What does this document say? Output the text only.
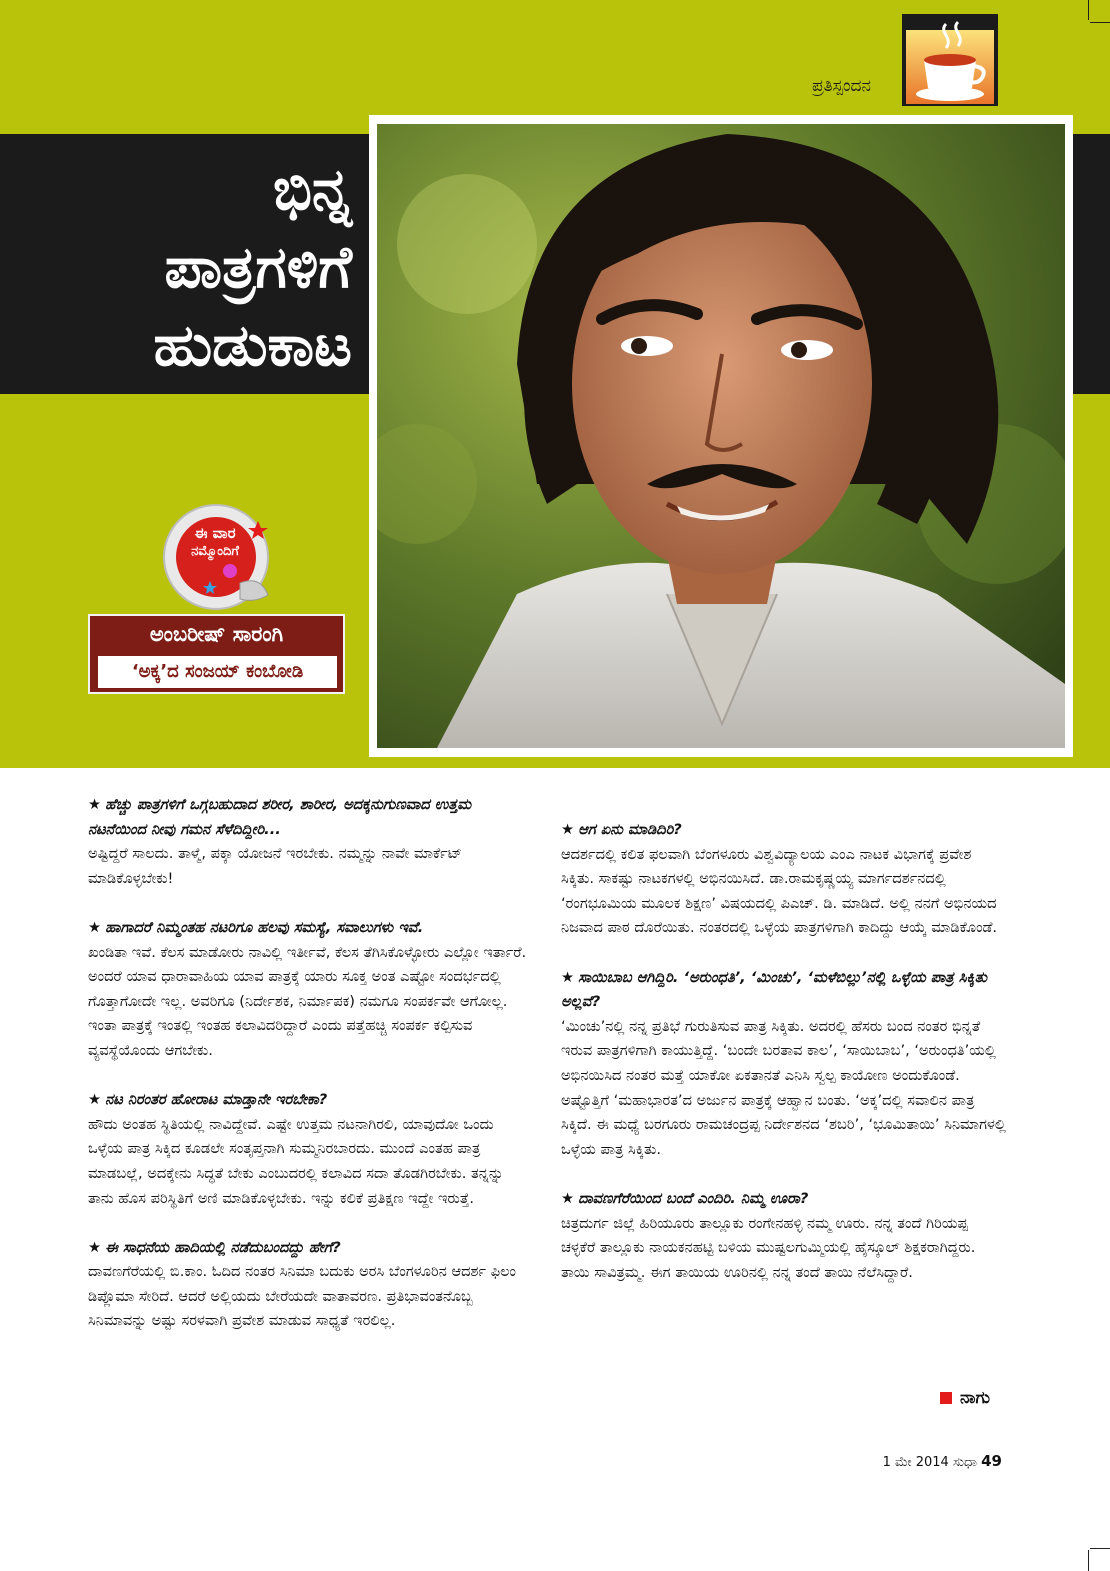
ಪ್ರತಿಸ್ಪಂದನ
ಭಿನ್ನ
ಪಾತ್ರಗಳಿಗೆ
ಹುಡುಕಾಟ
ಈ ವಾರ
ನಮ್ಮೊಂದಿಗೆ
ಅಂಬರೀಷ್ ಸಾರಂಗಿ
‘ಅಕ್ಕ’ದ ಸಂಜಯ್ ಕಂಬೋಡಿ

★ ಹೆಚ್ಚು ಪಾತ್ರಗಳಿಗೆ ಒಗ್ಗಬಹುದಾದ ಶರೀರ, ಶಾರೀರ, ಅದಕ್ಕನುಗುಣವಾದ ಉತ್ತಮ ನಟನೆಯಿಂದ ನೀವು ಗಮನ ಸೆಳೆದಿದ್ದೀರಿ...

ಅಷ್ಟಿದ್ದರೆ ಸಾಲದು. ತಾಳ್ಮೆ, ಪಕ್ಕಾ ಯೋಜನೆ ಇರಬೇಕು. ನಮ್ಮನ್ನು ನಾವೇ ಮಾರ್ಕೆಟ್ ಮಾಡಿಕೊಳ್ಳಬೇಕು!

★ ಹಾಗಾದರೆ ನಿಮ್ಮಂತಹ ನಟರಿಗೂ ಹಲವು ಸಮಸ್ಯೆ, ಸವಾಲುಗಳು ಇವೆ.

ಖಂಡಿತಾ ಇವೆ. ಕೆಲಸ ಮಾಡೋರು ನಾವಿಲ್ಲಿ ಇರ್ತೀವೆ, ಕೆಲಸ ತೆಗಿಸಿಕೊಳ್ಳೋರು ಎಲ್ಲೋ ಇರ್ತಾರೆ. ಅಂದರೆ ಯಾವ ಧಾರಾವಾಹಿಯ ಯಾವ ಪಾತ್ರಕ್ಕೆ ಯಾರು ಸೂಕ್ತ ಅಂತ ಎಷ್ಟೋ ಸಂದರ್ಭದಲ್ಲಿ ಗೊತ್ತಾಗೋದೇ ಇಲ್ಲ. ಅವರಿಗೂ (ನಿರ್ದೇಶಕ, ನಿರ್ಮಾಪಕ) ನಮಗೂ ಸಂಪರ್ಕವೇ ಆಗೋಲ್ಲ. ಇಂತಾ ಪಾತ್ರಕ್ಕೆ ಇಂತಲ್ಲಿ ಇಂತಹ ಕಲಾವಿದರಿದ್ದಾರೆ ಎಂದು ಪತ್ತೆಹಚ್ಚಿ ಸಂಪರ್ಕ ಕಲ್ಪಿಸುವ ವ್ಯವಸ್ಥೆಯೊಂದು ಆಗಬೇಕು.

★ ನಟ ನಿರಂತರ ಹೋರಾಟ ಮಾಡ್ತಾನೇ ಇರಬೇಕಾ?

ಹೌದು ಅಂತಹ ಸ್ಥಿತಿಯಲ್ಲಿ ನಾವಿದ್ದೇವೆ. ಎಷ್ಟೇ ಉತ್ತಮ ನಟನಾಗಿರಲಿ, ಯಾವುದೋ ಒಂದು ಒಳ್ಳೆಯ ಪಾತ್ರ ಸಿಕ್ಕಿದ ಕೂಡಲೇ ಸಂತೃಪ್ತನಾಗಿ ಸುಮ್ಮನಿರಬಾರದು. ಮುಂದೆ ಎಂತಹ ಪಾತ್ರ ಮಾಡಬಲ್ಲೆ, ಅದಕ್ಕೇನು ಸಿದ್ಧತೆ ಬೇಕು ಎಂಬುದರಲ್ಲಿ ಕಲಾವಿದ ಸದಾ ತೊಡಗಿರಬೇಕು. ತನ್ನನ್ನು ತಾನು ಹೊಸ ಪರಿಸ್ಥಿತಿಗೆ ಅಣಿ ಮಾಡಿಕೊಳ್ಳಬೇಕು. ಇನ್ನು ಕಲಿಕೆ ಪ್ರತಿಕ್ಷಣ ಇದ್ದೇ ಇರುತ್ತೆ.

★ ಈ ಸಾಧನೆಯ ಹಾದಿಯಲ್ಲಿ ನಡೆದುಬಂದದ್ದು ಹೇಗೆ?

ದಾವಣಗೆರೆಯಲ್ಲಿ ಬಿ.ಕಾಂ. ಓದಿದ ನಂತರ ಸಿನಿಮಾ ಬದುಕು ಅರಸಿ ಬೆಂಗಳೂರಿನ ಆದರ್ಶ ಫಿಲಂ ಡಿಪ್ಲೊಮಾ ಸೇರಿದೆ. ಆದರೆ ಅಲ್ಲಿಯದು ಬೇರೆಯದೇ ವಾತಾವರಣ. ಪ್ರತಿಭಾವಂತನೊಬ್ಬ ಸಿನಿಮಾವನ್ನು ಅಷ್ಟು ಸರಳವಾಗಿ ಪ್ರವೇಶ ಮಾಡುವ ಸಾಧ್ಯತೆ ಇರಲಿಲ್ಲ.

★ ಆಗ ಏನು ಮಾಡಿದಿರಿ?

ಆದರ್ಶದಲ್ಲಿ ಕಲಿತ ಫಲವಾಗಿ ಬೆಂಗಳೂರು ವಿಶ್ವವಿದ್ಯಾಲಯ ಎಂಎ ನಾಟಕ ವಿಭಾಗಕ್ಕೆ ಪ್ರವೇಶ ಸಿಕ್ಕಿತು. ಸಾಕಷ್ಟು ನಾಟಕಗಳಲ್ಲಿ ಅಭಿನಯಿಸಿದೆ. ಡಾ.ರಾಮಕೃಷ್ಣಯ್ಯ ಮಾರ್ಗದರ್ಶನದಲ್ಲಿ ‘ರಂಗಭೂಮಿಯ ಮೂಲಕ ಶಿಕ್ಷಣ’ ವಿಷಯದಲ್ಲಿ ಪಿಎಚ್. ಡಿ. ಮಾಡಿದೆ. ಅಲ್ಲಿ ನನಗೆ ಅಭಿನಯದ ನಿಜವಾದ ಪಾಠ ದೊರೆಯಿತು. ನಂತರದಲ್ಲಿ ಒಳ್ಳೆಯ ಪಾತ್ರಗಳಿಗಾಗಿ ಕಾದಿದ್ದು ಆಯ್ಕೆ ಮಾಡಿಕೊಂಡೆ.

★ ಸಾಯಿಬಾಬ ಆಗಿದ್ದಿರಿ. ‘ಅರುಂಧತಿ’, ‘ಮಿಂಚು’, ‘ಮಳೆಬಿಲ್ಲು’ನಲ್ಲಿ ಒಳ್ಳೆಯ ಪಾತ್ರ ಸಿಕ್ಕಿತು ಅಲ್ಲವೆ?

‘ಮಿಂಚು’ನಲ್ಲಿ ನನ್ನ ಪ್ರತಿಭೆ ಗುರುತಿಸುವ ಪಾತ್ರ ಸಿಕ್ಕಿತು. ಅದರಲ್ಲಿ ಹೆಸರು ಬಂದ ನಂತರ ಭಿನ್ನತೆ ಇರುವ ಪಾತ್ರಗಳಿಗಾಗಿ ಕಾಯುತ್ತಿದ್ದೆ. ‘ಬಂದೇ ಬರತಾವ ಕಾಲ’, ‘ಸಾಯಿಬಾಬ’, ‘ಅರುಂಧತಿ’ಯಲ್ಲಿ ಅಭಿನಯಿಸಿದ ನಂತರ ಮತ್ತೆ ಯಾಕೋ ಏಕತಾನತೆ ಎನಿಸಿ ಸ್ವಲ್ಪ ಕಾಯೋಣ ಅಂದುಕೊಂಡೆ. ಅಷ್ಟೊತ್ತಿಗೆ ‘ಮಹಾಭಾರತ’ದ ಅರ್ಜುನ ಪಾತ್ರಕ್ಕೆ ಆಹ್ವಾನ ಬಂತು. ‘ಅಕ್ಕ’ದಲ್ಲಿ ಸವಾಲಿನ ಪಾತ್ರ ಸಿಕ್ಕಿದೆ. ಈ ಮಧ್ಯೆ ಬರಗೂರು ರಾಮಚಂದ್ರಪ್ಪ ನಿರ್ದೇಶನದ ‘ಶಬರಿ’, ‘ಭೂಮಿತಾಯಿ’ ಸಿನಿಮಾಗಳಲ್ಲಿ ಒಳ್ಳೆಯ ಪಾತ್ರ ಸಿಕ್ಕಿತು.

★ ದಾವಣಗೆರೆಯಿಂದ ಬಂದೆ ಎಂದಿರಿ. ನಿಮ್ಮ ಊರಾ?

ಚಿತ್ರದುರ್ಗ ಜಿಲ್ಲೆ ಹಿರಿಯೂರು ತಾಲ್ಲೂಕು ರಂಗೇನಹಳ್ಳಿ ನಮ್ಮ ಊರು. ನನ್ನ ತಂದೆ ಗಿರಿಯಪ್ಪ ಚಳ್ಳಕೆರೆ ತಾಲ್ಲೂಕು ನಾಯಕನಹಟ್ಟಿ ಬಳಿಯ ಮುಷ್ಟಲಗುಮ್ಮಿಯಲ್ಲಿ ಹೈಸ್ಕೂಲ್ ಶಿಕ್ಷಕರಾಗಿದ್ದರು. ತಾಯಿ ಸಾವಿತ್ರಮ್ಮ. ಈಗ ತಾಯಿಯ ಊರಿನಲ್ಲಿ ನನ್ನ ತಂದೆ ತಾಯಿ ನೆಲೆಸಿದ್ದಾರೆ.

ನಾಗು
1 ಮೇ 2014 ಸುಧಾ 49
